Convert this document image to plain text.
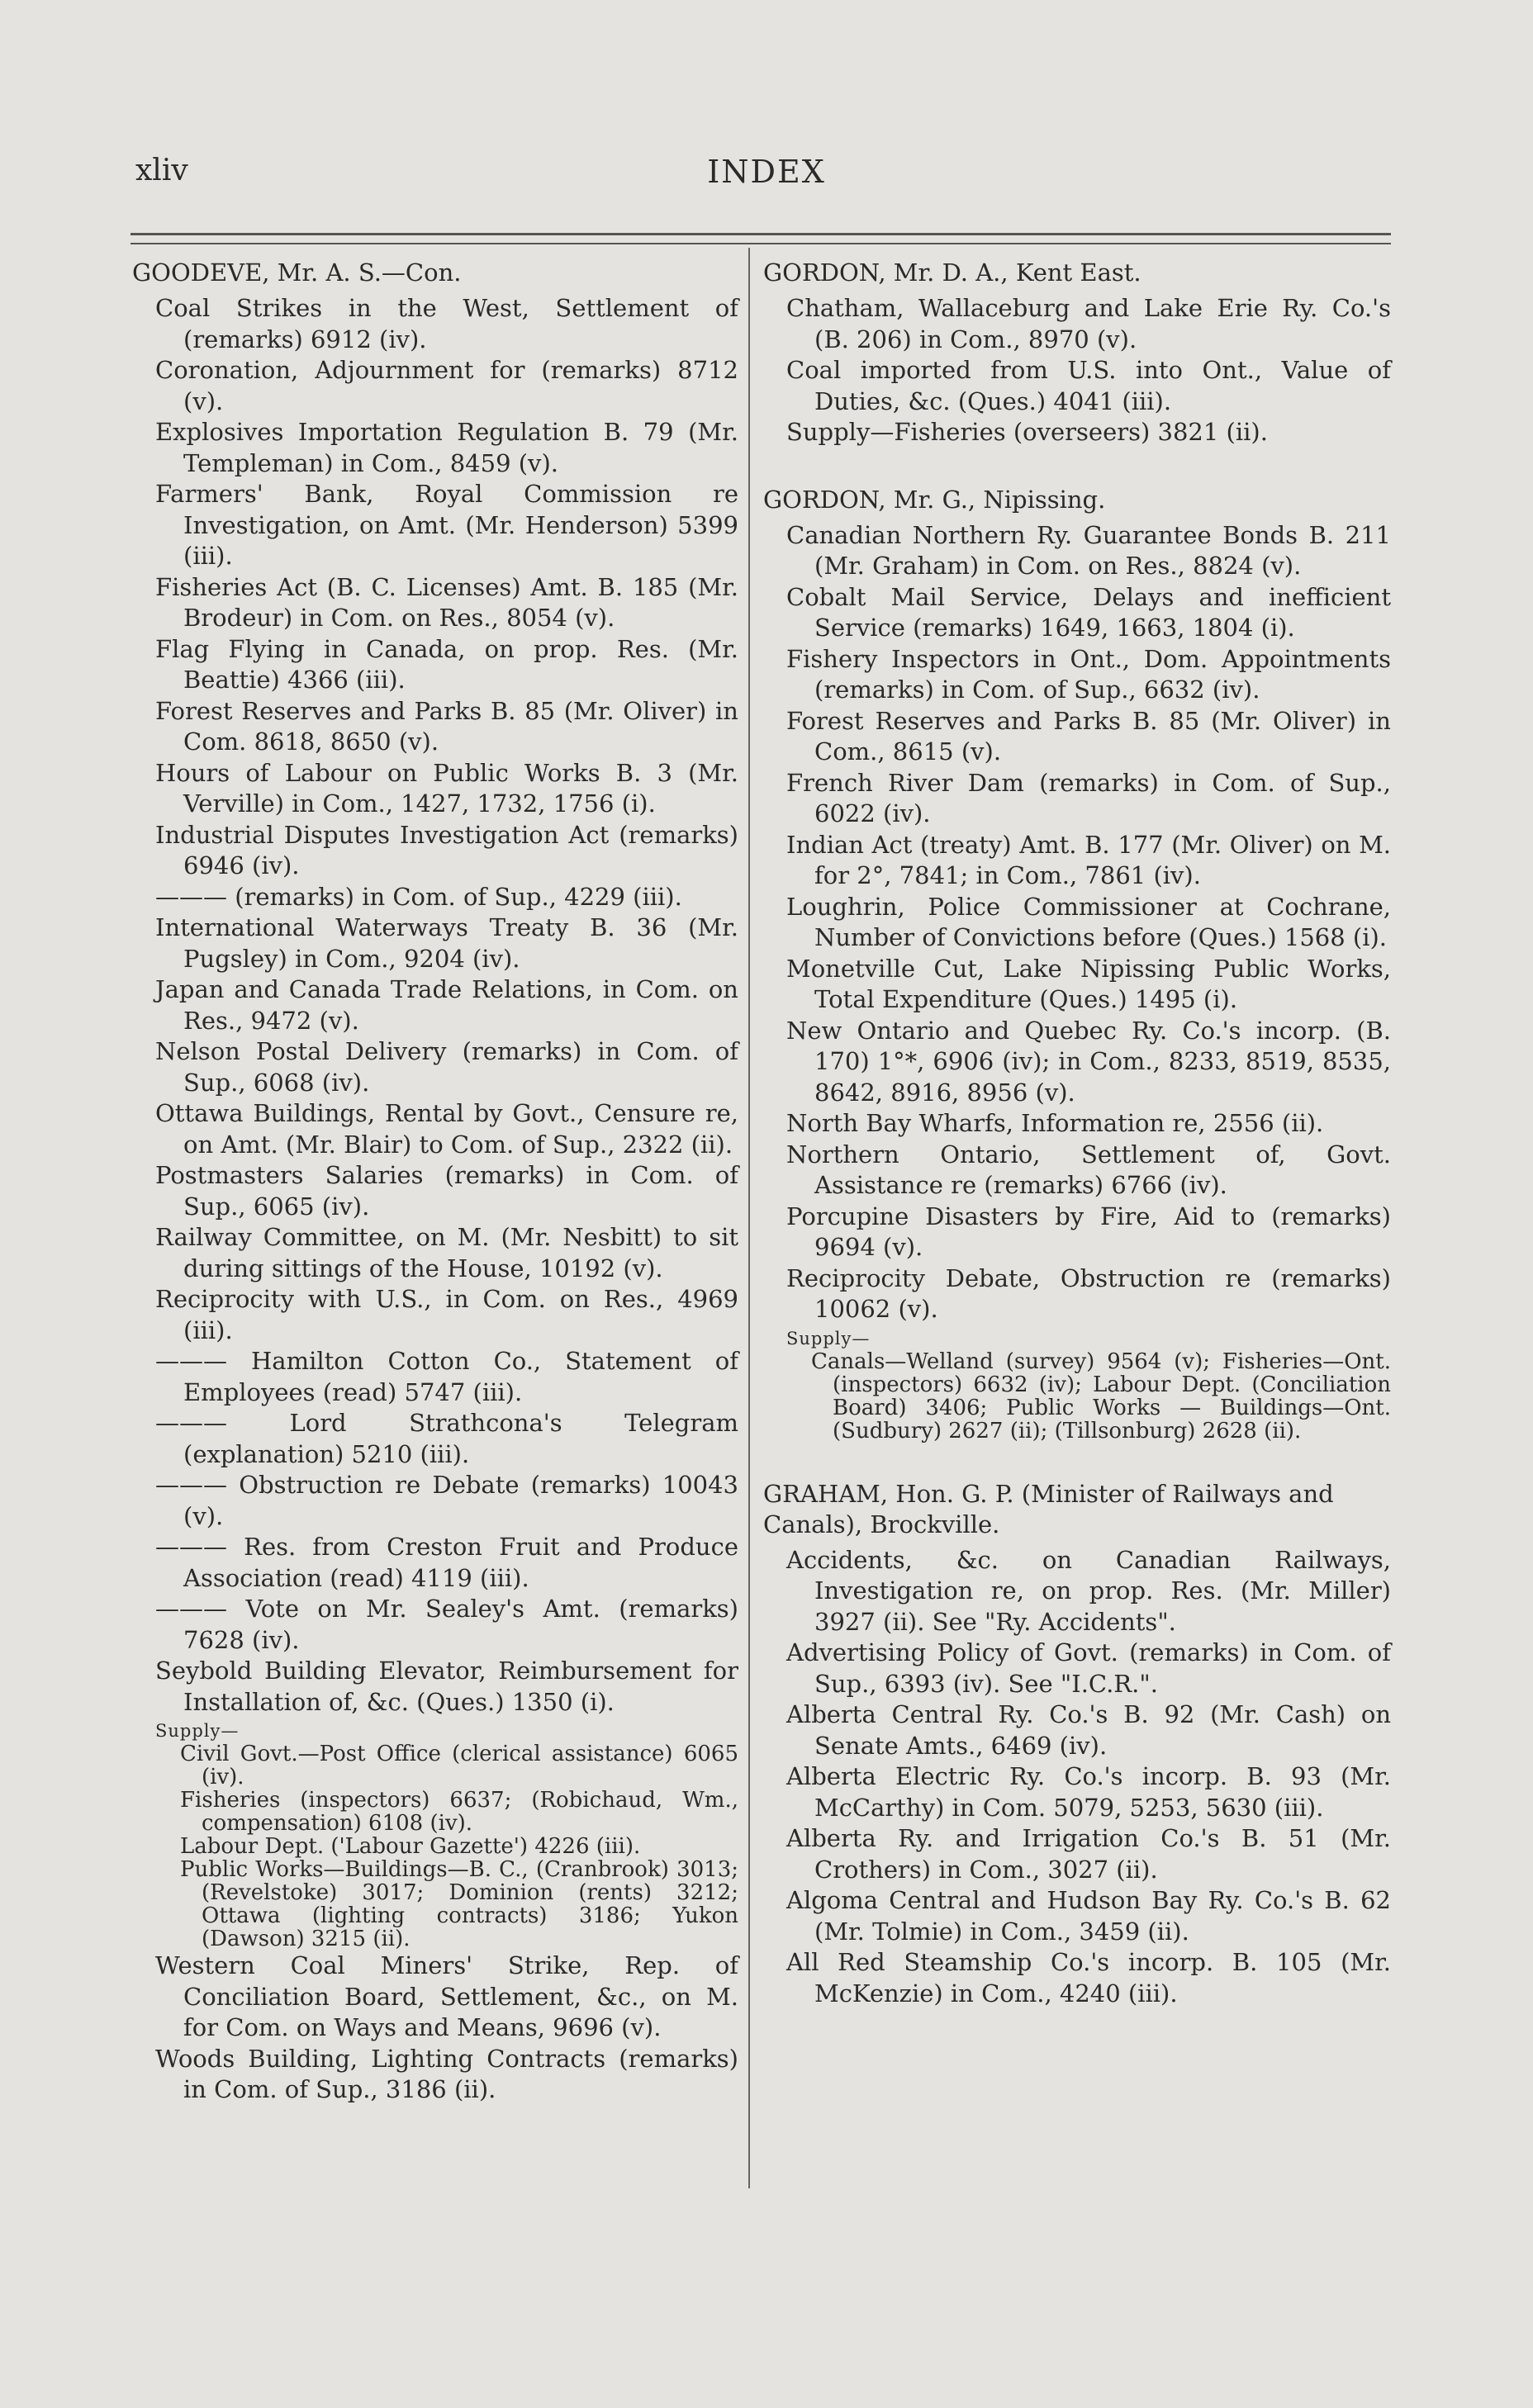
xliv	INDEX
GOODEVE, Mr. A. S.—Con.
Coal Strikes in the West, Settlement of (remarks) 6912 (iv).
Coronation, Adjournment for (remarks) 8712 (v).
Explosives Importation Regulation B. 79 (Mr. Templeman) in Com., 8459 (v).
Farmers' Bank, Royal Commission re Investigation, on Amt. (Mr. Henderson) 5399 (iii).
Fisheries Act (B. C. Licenses) Amt. B. 185 (Mr. Brodeur) in Com. on Res., 8054 (v).
Flag Flying in Canada, on prop. Res. (Mr. Beattie) 4366 (iii).
Forest Reserves and Parks B. 85 (Mr. Oliver) in Com. 8618, 8650 (v).
Hours of Labour on Public Works B. 3 (Mr. Verville) in Com., 1427, 1732, 1756 (i).
Industrial Disputes Investigation Act (remarks) 6946 (iv).
——— (remarks) in Com. of Sup., 4229 (iii).
International Waterways Treaty B. 36 (Mr. Pugsley) in Com., 9204 (iv).
Japan and Canada Trade Relations, in Com. on Res., 9472 (v).
Nelson Postal Delivery (remarks) in Com. of Sup., 6068 (iv).
Ottawa Buildings, Rental by Govt., Censure re, on Amt. (Mr. Blair) to Com. of Sup., 2322 (ii).
Postmasters Salaries (remarks) in Com. of Sup., 6065 (iv).
Railway Committee, on M. (Mr. Nesbitt) to sit during sittings of the House, 10192 (v).
Reciprocity with U.S., in Com. on Res., 4969 (iii).
——— Hamilton Cotton Co., Statement of Employees (read) 5747 (iii).
——— Lord Strathcona's Telegram (explanation) 5210 (iii).
——— Obstruction re Debate (remarks) 10043 (v).
——— Res. from Creston Fruit and Produce Association (read) 4119 (iii).
——— Vote on Mr. Sealey's Amt. (remarks) 7628 (iv).
Seybold Building Elevator, Reimbursement for Installation of, &c. (Ques.) 1350 (i).
Supply—
Civil Govt.—Post Office (clerical assistance) 6065 (iv).
Fisheries (inspectors) 6637; (Robichaud, Wm., compensation) 6108 (iv).
Labour Dept. ('Labour Gazette') 4226 (iii).
Public Works—Buildings—B. C., (Cranbrook) 3013; (Revelstoke) 3017; Dominion (rents) 3212; Ottawa (lighting contracts) 3186; Yukon (Dawson) 3215 (ii).
Western Coal Miners' Strike, Rep. of Conciliation Board, Settlement, &c., on M. for Com. on Ways and Means, 9696 (v).
Woods Building, Lighting Contracts (remarks) in Com. of Sup., 3186 (ii).
GORDON, Mr. D. A., Kent East.
Chatham, Wallaceburg and Lake Erie Ry. Co.'s (B. 206) in Com., 8970 (v).
Coal imported from U.S. into Ont., Value of Duties, &c. (Ques.) 4041 (iii).
Supply—Fisheries (overseers) 3821 (ii).
GORDON, Mr. G., Nipissing.
Canadian Northern Ry. Guarantee Bonds B. 211 (Mr. Graham) in Com. on Res., 8824 (v).
Cobalt Mail Service, Delays and inefficient Service (remarks) 1649, 1663, 1804 (i).
Fishery Inspectors in Ont., Dom. Appointments (remarks) in Com. of Sup., 6632 (iv).
Forest Reserves and Parks B. 85 (Mr. Oliver) in Com., 8615 (v).
French River Dam (remarks) in Com. of Sup., 6022 (iv).
Indian Act (treaty) Amt. B. 177 (Mr. Oliver) on M. for 2°, 7841; in Com., 7861 (iv).
Loughrin, Police Commissioner at Cochrane, Number of Convictions before (Ques.) 1568 (i).
Monetville Cut, Lake Nipissing Public Works, Total Expenditure (Ques.) 1495 (i).
New Ontario and Quebec Ry. Co.'s incorp. (B. 170) 1°*, 6906 (iv); in Com., 8233, 8519, 8535, 8642, 8916, 8956 (v).
North Bay Wharfs, Information re, 2556 (ii).
Northern Ontario, Settlement of, Govt. Assistance re (remarks) 6766 (iv).
Porcupine Disasters by Fire, Aid to (remarks) 9694 (v).
Reciprocity Debate, Obstruction re (remarks) 10062 (v).
Supply—
Canals—Welland (survey) 9564 (v); Fisheries—Ont. (inspectors) 6632 (iv); Labour Dept. (Conciliation Board) 3406; Public Works — Buildings—Ont. (Sudbury) 2627 (ii); (Tillsonburg) 2628 (ii).
GRAHAM, Hon. G. P. (Minister of Railways and Canals), Brockville.
Accidents, &c. on Canadian Railways, Investigation re, on prop. Res. (Mr. Miller) 3927 (ii). See "Ry. Accidents".
Advertising Policy of Govt. (remarks) in Com. of Sup., 6393 (iv). See "I.C.R.".
Alberta Central Ry. Co.'s B. 92 (Mr. Cash) on Senate Amts., 6469 (iv).
Alberta Electric Ry. Co.'s incorp. B. 93 (Mr. McCarthy) in Com. 5079, 5253, 5630 (iii).
Alberta Ry. and Irrigation Co.'s B. 51 (Mr. Crothers) in Com., 3027 (ii).
Algoma Central and Hudson Bay Ry. Co.'s B. 62 (Mr. Tolmie) in Com., 3459 (ii).
All Red Steamship Co.'s incorp. B. 105 (Mr. McKenzie) in Com., 4240 (iii).
